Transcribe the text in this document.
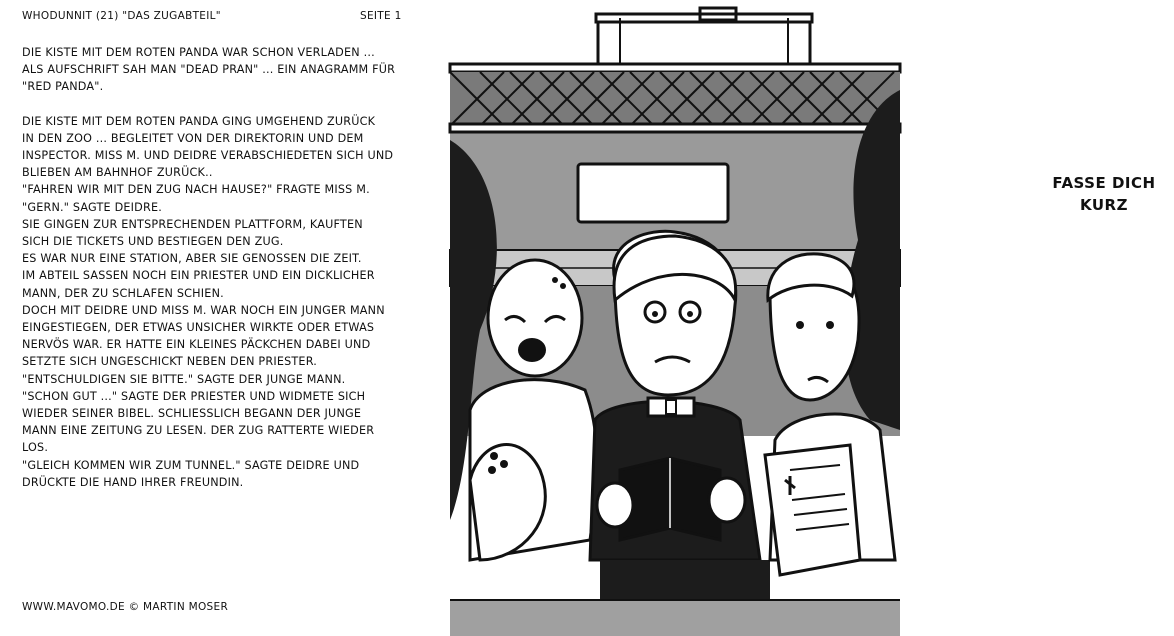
WHODUNNIT (21) "DAS ZUGABTEIL"	SEITE 1
DIE KISTE MIT DEM ROTEN PANDA WAR SCHON VERLADEN ...
ALS AUFSCHRIFT SAH MAN "DEAD PRAN" ... EIN ANAGRAMM FÜR
"RED PANDA".
DIE KISTE MIT DEM ROTEN PANDA GING UMGEHEND ZURÜCK
IN DEN ZOO ... BEGLEITET VON DER DIREKTORIN UND DEM
INSPECTOR. MISS M. UND DEIDRE VERABSCHIEDETEN SICH UND
BLIEBEN AM BAHNHOF ZURÜCK..
"FAHREN WIR MIT DEN ZUG NACH HAUSE?" FRAGTE MISS M.
"GERN." SAGTE DEIDRE.
SIE GINGEN ZUR ENTSPRECHENDEN PLATTFORM, KAUFTEN
SICH DIE TICKETS UND BESTIEGEN DEN ZUG.
ES WAR NUR EINE STATION, ABER SIE GENOSSEN DIE ZEIT.
IM ABTEIL SASSEN NOCH EIN PRIESTER UND EIN DICKLICHER
MANN, DER ZU SCHLAFEN SCHIEN.
DOCH MIT DEIDRE UND MISS M. WAR NOCH EIN JUNGER MANN
EINGESTIEGEN, DER ETWAS UNSICHER WIRKTE ODER ETWAS
NERVÖS WAR. ER HATTE EIN KLEINES PÄCKCHEN DABEI UND
SETZTE SICH UNGESCHICKT NEBEN DEN PRIESTER.
"ENTSCHULDIGEN SIE BITTE." SAGTE DER JUNGE MANN.
"SCHON GUT ..." SAGTE DER PRIESTER UND WIDMETE SICH
WIEDER SEINER BIBEL. SCHLIESSLICH BEGANN DER JUNGE
MANN EINE ZEITUNG ZU LESEN. DER ZUG RATTERTE WIEDER
LOS.
"GLEICH KOMMEN WIR ZUM TUNNEL." SAGTE DEIDRE UND
DRÜCKTE DIE HAND IHRER FREUNDIN.
WWW.MAVOMO.DE © MARTIN MOSER
FASSE DICH
KURZ
